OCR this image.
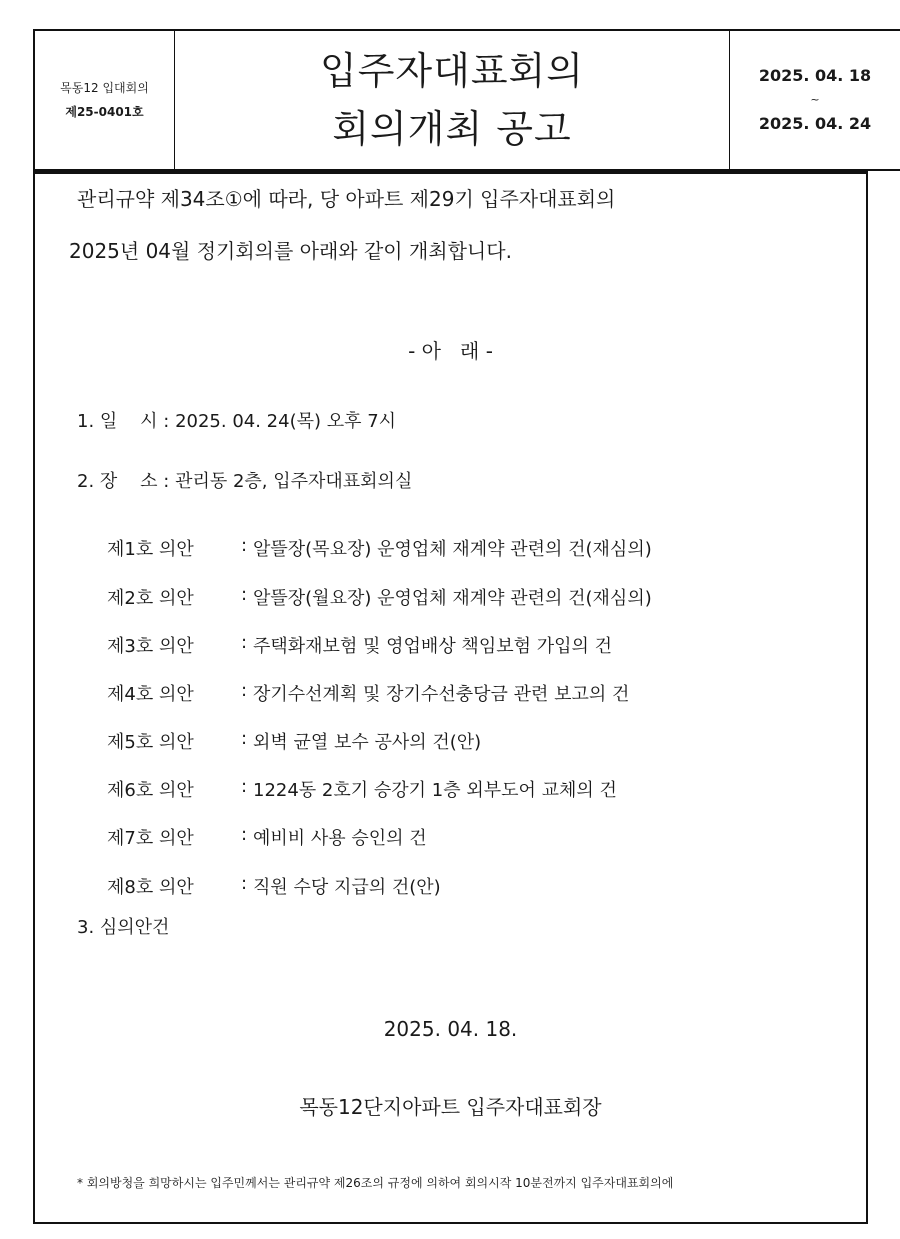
목동12 입대회의
제25-0401호
입주자대표회의
회의개최 공고
2025. 04. 18
~
2025. 04. 24
관리규약 제34조①에 따라, 당 아파트 제29기 입주자대표회의
2025년 04월 정기회의를 아래와 같이 개최합니다.
- 아   래 -
1. 일    시 : 2025. 04. 24(목) 오후 7시
2. 장    소 : 관리동 2층, 입주자대표회의실
제1호 의안	: 알뜰장(목요장) 운영업체 재계약 관련의 건(재심의)
제2호 의안	: 알뜰장(월요장) 운영업체 재계약 관련의 건(재심의)
제3호 의안	: 주택화재보험 및 영업배상 책임보험 가입의 건
제4호 의안	: 장기수선계획 및 장기수선충당금 관련 보고의 건
제5호 의안	: 외벽 균열 보수 공사의 건(안)
제6호 의안	: 1224동 2호기 승강기 1층 외부도어 교체의 건
제7호 의안	: 예비비 사용 승인의 건
제8호 의안	: 직원 수당 지급의 건(안)
3. 심의안건
2025. 04. 18.
목동12단지아파트 입주자대표회장
* 회의방청을 희망하시는 입주민께서는 관리규약 제26조의 규정에 의하여 회의시작 10분전까지 입주자대표회의에
